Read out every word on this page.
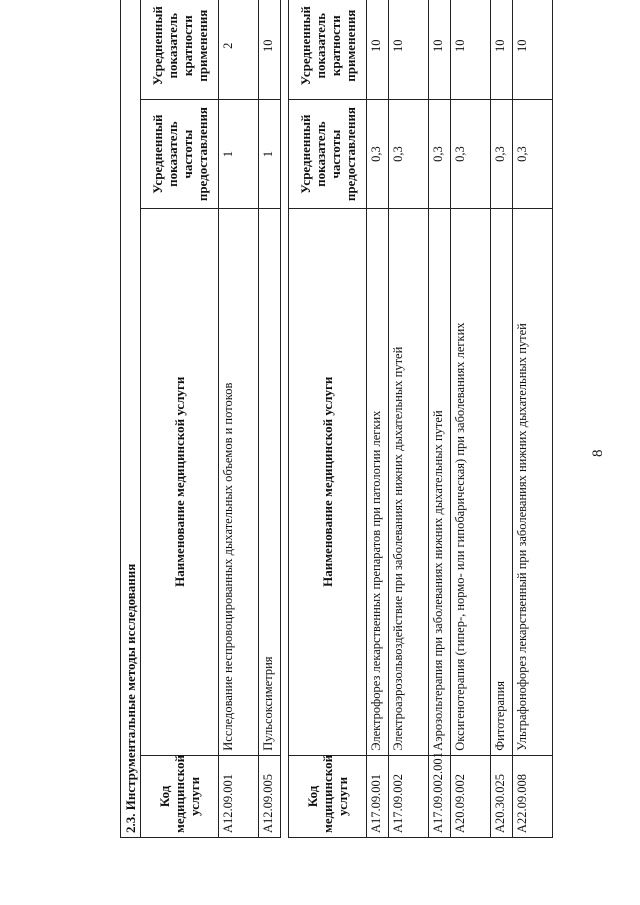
8
Код медицинской услуги	Наименование медицинской услуги	Усредненный показатель частоты предоставления	Усредненный показатель кратности применения
A17.09.001	Электрофорез лекарственных препаратов при патологии легких	0,3	10
A17.09.002	Электроаэрозольвоздействие при заболеваниях нижних дыхательных путей	0,3	10
A17.09.002.001	Аэрозольтерапия при заболеваниях нижних дыхательных путей	0,3	10
A20.09.002	Оксигенотерапия (гипер-, нормо- или гипобарическая) при заболеваниях легких	0,3	10
A20.30.025	Фитотерапия	0,3	10
A22.09.008	Ультрафонофорез лекарственный при заболеваниях нижних дыхательных путей	0,3	10
2.3. Инструментальные методы исследования			
Код медицинской услуги	Наименование медицинской услуги	Усредненный показатель частоты предоставления	Усредненный показатель кратности применения
A12.09.001	Исследование неспровоцированных дыхательных объемов и потоков	1	2
A12.09.005	Пульсоксиметрия	1	10
